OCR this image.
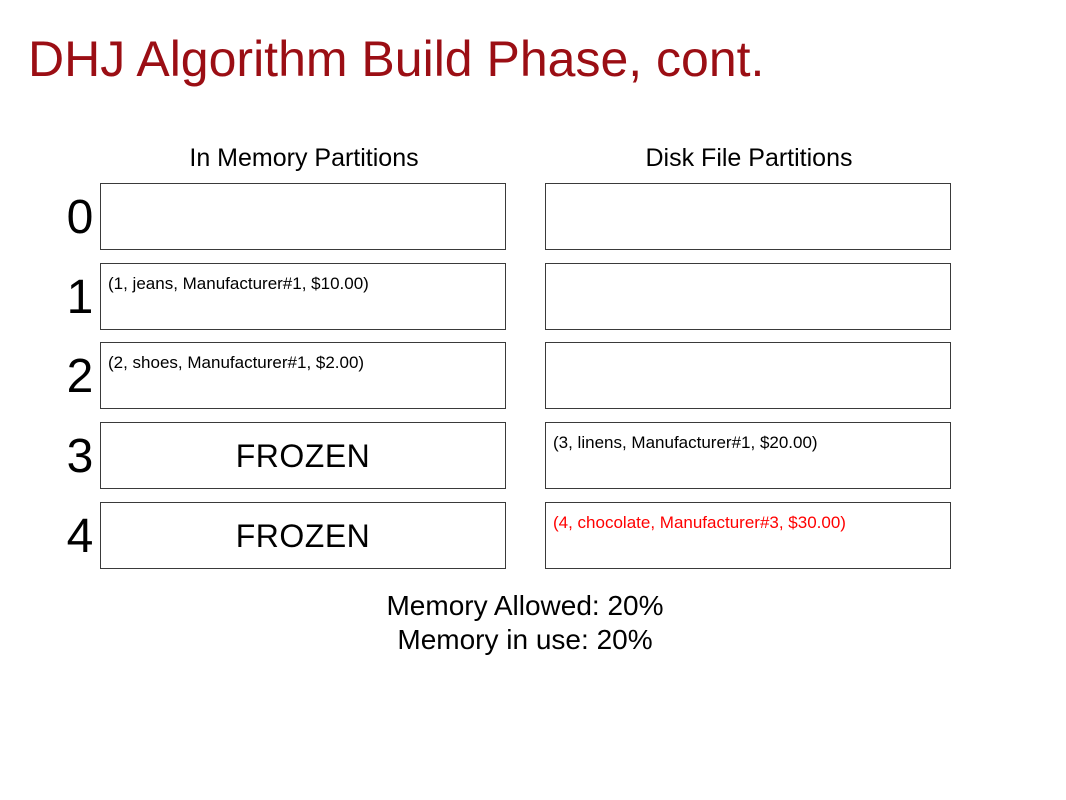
DHJ Algorithm Build Phase, cont.
In Memory Partitions	Disk File Partitions
0
1 (1, jeans, Manufacturer#1, $10.00)
2 (2, shoes, Manufacturer#1, $2.00)
3	FROZEN	(3, linens, Manufacturer#1, $20.00)
4	FROZEN	(4, chocolate, Manufacturer#3, $30.00)
Memory Allowed: 20%
Memory in use: 20%
